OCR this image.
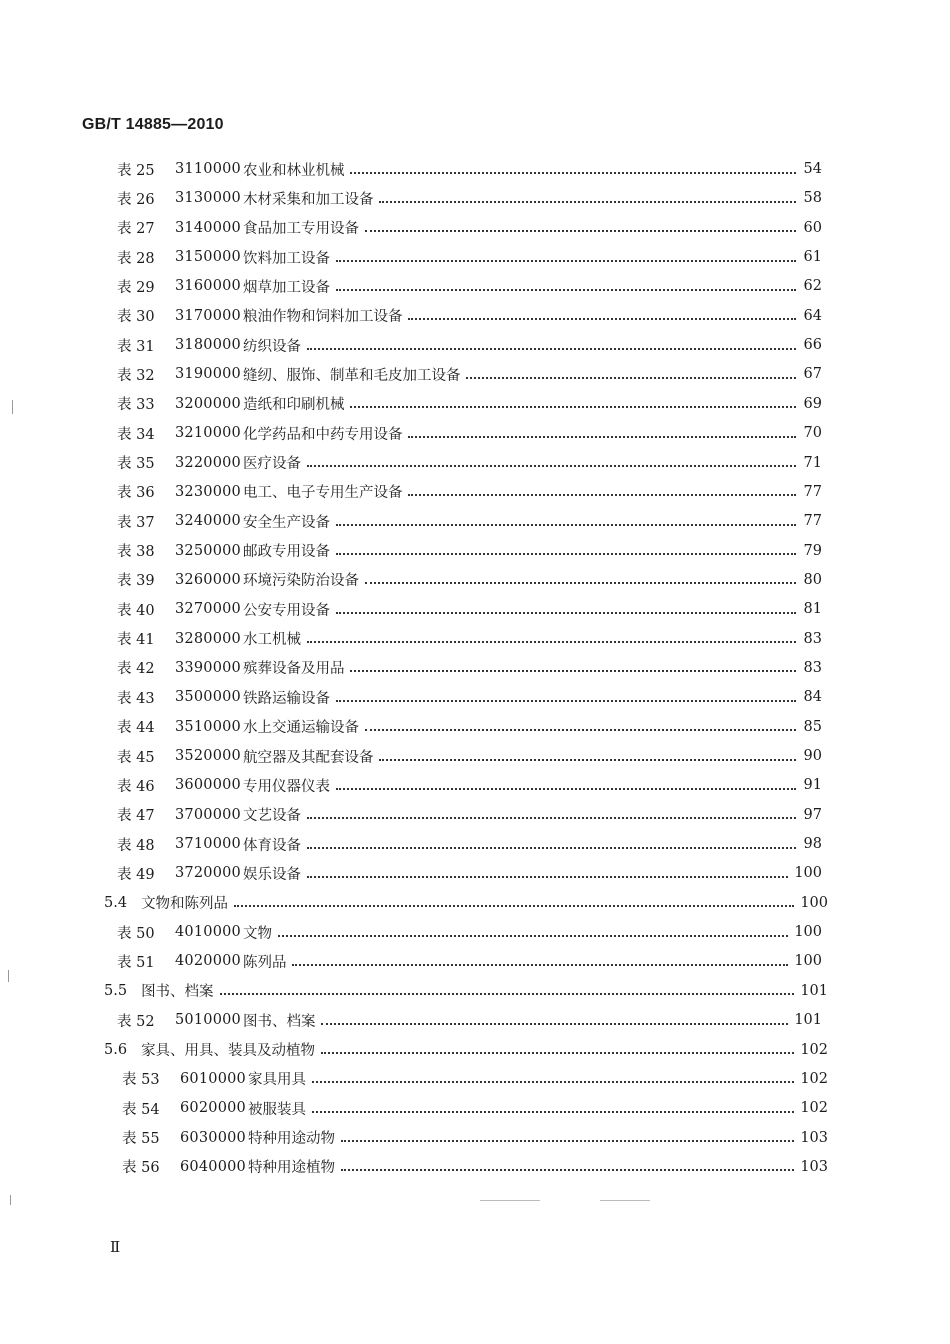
GB/T 14885—2010
表 25	3110000 农业和林业机械	54
表 26	3130000 木材采集和加工设备	58
表 27	3140000 食品加工专用设备	60
表 28	3150000 饮料加工设备	61
表 29	3160000 烟草加工设备	62
表 30	3170000 粮油作物和饲料加工设备	64
表 31	3180000 纺织设备	66
表 32	3190000 缝纫、服饰、制革和毛皮加工设备	67
表 33	3200000 造纸和印刷机械	69
表 34	3210000 化学药品和中药专用设备	70
表 35	3220000 医疗设备	71
表 36	3230000 电工、电子专用生产设备	77
表 37	3240000 安全生产设备	77
表 38	3250000 邮政专用设备	79
表 39	3260000 环境污染防治设备	80
表 40	3270000 公安专用设备	81
表 41	3280000 水工机械	83
表 42	3390000 殡葬设备及用品	83
表 43	3500000 铁路运输设备	84
表 44	3510000 水上交通运输设备	85
表 45	3520000 航空器及其配套设备	90
表 46	3600000 专用仪器仪表	91
表 47	3700000 文艺设备	97
表 48	3710000 体育设备	98
表 49	3720000 娱乐设备	100
5.4 文物和陈列品	100
表 50	4010000 文物	100
表 51	4020000 陈列品	100
5.5 图书、档案	101
表 52	5010000 图书、档案	101
5.6 家具、用具、装具及动植物	102
表 53	6010000 家具用具	102
表 54	6020000 被服装具	102
表 55	6030000 特种用途动物	103
表 56	6040000 特种用途植物	103
Ⅱ
